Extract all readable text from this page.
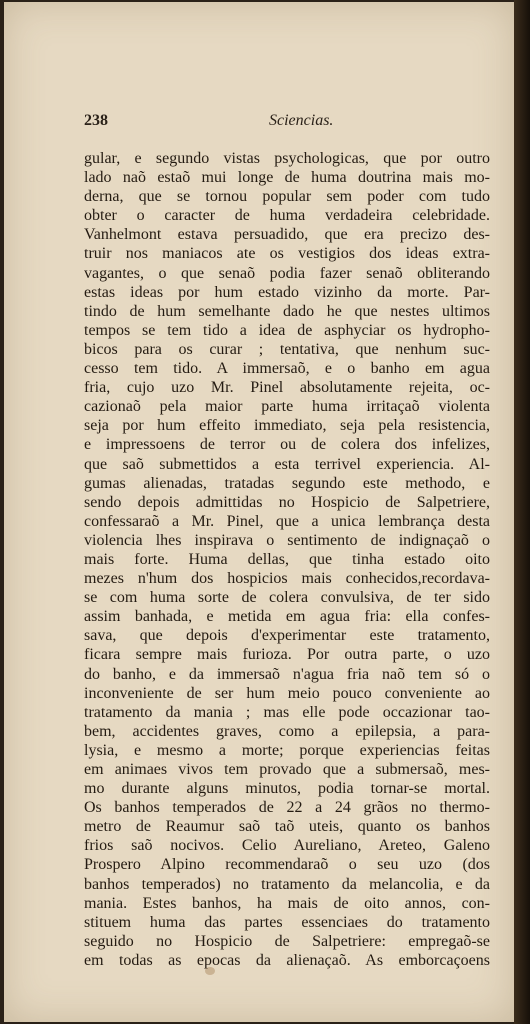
238	Sciencias.
gular, e segundo vistas psychologicas, que por outro
lado naõ estaõ mui longe de huma doutrina mais mo-
derna, que se tornou popular sem poder com tudo
obter o caracter de huma verdadeira celebridade.
Vanhelmont estava persuadido, que era precizo des-
truir nos maniacos ate os vestigios dos ideas extra-
vagantes, o que senaõ podia fazer senaõ obliterando
estas ideas por hum estado vizinho da morte. Par-
tindo de hum semelhante dado he que nestes ultimos
tempos se tem tido a idea de asphyciar os hydropho-
bicos para os curar ; tentativa, que nenhum suc-
cesso tem tido. A immersaõ, e o banho em agua
fria, cujo uzo Mr. Pinel absolutamente rejeita, oc-
cazionaõ pela maior parte huma irritaçaõ violenta
seja por hum effeito immediato, seja pela resistencia,
e impressoens de terror ou de colera dos infelizes,
que saõ submettidos a esta terrivel experiencia. Al-
gumas alienadas, tratadas segundo este methodo, e
sendo depois admittidas no Hospicio de Salpetriere,
confessaraõ a Mr. Pinel, que a unica lembrança desta
violencia lhes inspirava o sentimento de indignaçaõ o
mais forte. Huma dellas, que tinha estado oito
mezes n'hum dos hospicios mais conhecidos,recordava-
se com huma sorte de colera convulsiva, de ter sido
assim banhada, e metida em agua fria: ella confes-
sava, que depois d'experimentar este tratamento,
ficara sempre mais furioza. Por outra parte, o uzo
do banho, e da immersaõ n'agua fria naõ tem só o
inconveniente de ser hum meio pouco conveniente ao
tratamento da mania ; mas elle pode occazionar tao-
bem, accidentes graves, como a epilepsia, a para-
lysia, e mesmo a morte; porque experiencias feitas
em animaes vivos tem provado que a submersaõ, mes-
mo durante alguns minutos, podia tornar-se mortal.
Os banhos temperados de 22 a 24 grãos no thermo-
metro de Reaumur saõ taõ uteis, quanto os banhos
frios saõ nocivos. Celio Aureliano, Areteo, Galeno
Prospero Alpino recommendaraõ o seu uzo (dos
banhos temperados) no tratamento da melancolia, e da
mania. Estes banhos, ha mais de oito annos, con-
stituem huma das partes essenciaes do tratamento
seguido no Hospicio de Salpetriere: empregaõ-se
em todas as epocas da alienaçaõ. As emborcaçoens
